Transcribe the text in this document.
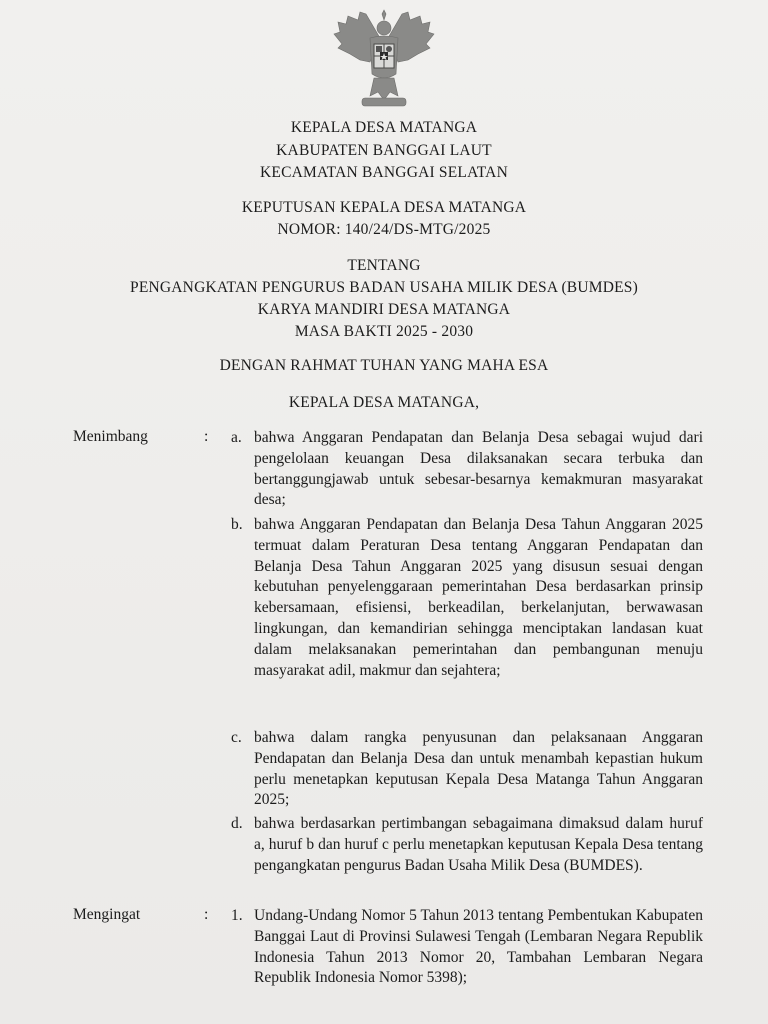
KEPALA DESA MATANGA
KABUPATEN BANGGAI LAUT
KECAMATAN BANGGAI SELATAN
KEPUTUSAN KEPALA DESA MATANGA
NOMOR: 140/24/DS-MTG/2025
TENTANG
PENGANGKATAN PENGURUS BADAN USAHA MILIK DESA (BUMDES)
KARYA MANDIRI DESA MATANGA
MASA BAKTI 2025 - 2030
DENGAN RAHMAT TUHAN YANG MAHA ESA
KEPALA DESA MATANGA,
Menimbang	: a. bahwa Anggaran Pendapatan dan Belanja Desa sebagai wujud dari pengelolaan keuangan Desa dilaksanakan secara terbuka dan bertanggungjawab untuk sebesar-besarnya kemakmuran masyarakat desa;
b. bahwa Anggaran Pendapatan dan Belanja Desa Tahun Anggaran 2025 termuat dalam Peraturan Desa tentang Anggaran Pendapatan dan Belanja Desa Tahun Anggaran 2025 yang disusun sesuai dengan kebutuhan penyelenggaraan pemerintahan Desa berdasarkan prinsip kebersamaan, efisiensi, berkeadilan, berkelanjutan, berwawasan lingkungan, dan kemandirian sehingga menciptakan landasan kuat dalam melaksanakan pemerintahan dan pembangunan menuju masyarakat adil, makmur dan sejahtera;
c. bahwa dalam rangka penyusunan dan pelaksanaan Anggaran Pendapatan dan Belanja Desa dan untuk menambah kepastian hukum perlu menetapkan keputusan Kepala Desa Matanga Tahun Anggaran 2025;
d. bahwa berdasarkan pertimbangan sebagaimana dimaksud dalam huruf a, huruf b dan huruf c perlu menetapkan keputusan Kepala Desa tentang pengangkatan pengurus Badan Usaha Milik Desa (BUMDES).
Mengingat	: 1. Undang-Undang Nomor 5 Tahun 2013 tentang Pembentukan Kabupaten Banggai Laut di Provinsi Sulawesi Tengah (Lembaran Negara Republik Indonesia Tahun 2013 Nomor 20, Tambahan Lembaran Negara Republik Indonesia Nomor 5398);
